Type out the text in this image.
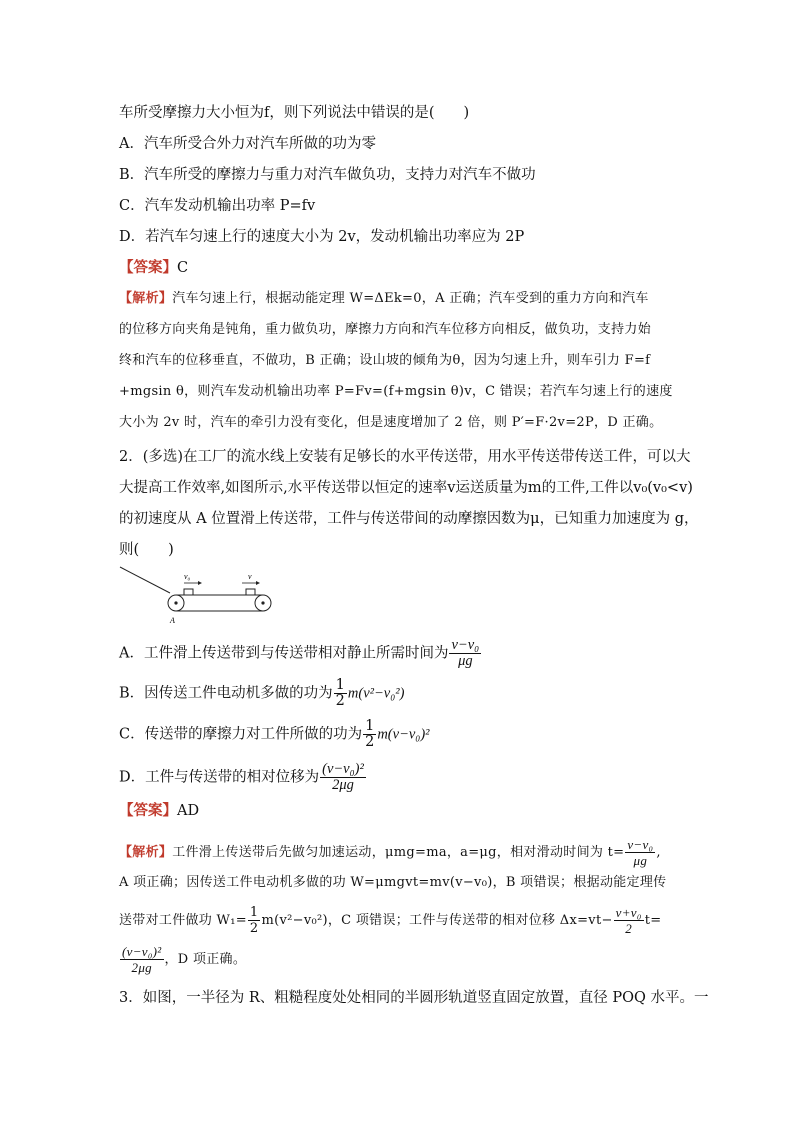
车所受摩擦力大小恒为f，则下列说法中错误的是(　　)
A．汽车所受合外力对汽车所做的功为零
B．汽车所受的摩擦力与重力对汽车做负功，支持力对汽车不做功
C．汽车发动机输出功率 P=fv
D．若汽车匀速上行的速度大小为 2v，发动机输出功率应为 2P
【答案】C
【解析】汽车匀速上行，根据动能定理 W=ΔEk=0，A 正确；汽车受到的重力方向和汽车
的位移方向夹角是钝角，重力做负功，摩擦力方向和汽车位移方向相反，做负功，支持力始
终和汽车的位移垂直，不做功，B 正确；设山坡的倾角为θ，因为匀速上升，则车引力 F=f
+mgsin θ，则汽车发动机输出功率 P=Fv=(f+mgsin θ)v，C 错误；若汽车匀速上行的速度
大小为 2v 时，汽车的牵引力没有变化，但是速度增加了 2 倍，则 P′=F·2v=2P，D 正确。
2．(多选)在工厂的流水线上安装有足够长的水平传送带，用水平传送带传送工件，可以大
大提高工作效率,如图所示,水平传送带以恒定的速率v运送质量为m的工件,工件以v₀(v₀<v)
的初速度从 A 位置滑上传送带，工件与传送带间的动摩擦因数为μ，已知重力加速度为 g，
则(　　)
v₀	v
A
A．工件滑上传送带到与传送带相对静止所需时间为 $\frac{\text{v−v₀}}{\mu g}$
B．因传送工件电动机多做的功为 $\frac{1}{2} m(v^2-v_0^2)$
C．传送带的摩擦力对工件所做的功为 $\frac{1}{2} m(v-v_0)^2$
D．工件与传送带的相对位移为 $\frac{\text{(v−v₀)²}}{2\mu g}$
【答案】AD
【解析】工件滑上传送带后先做匀加速运动，μmg=ma，a=μg，相对滑动时间为 $t= \frac{\text{v−v₀}}{\mu g}$ ,
A 项正确；因传送工件电动机多做的功 W=μmgvt=mv(v−v₀)，B 项错误；根据动能定理传
送带对工件做功 $W_1= \frac{1}{2} m(v^2-v_0^2)$，C 项错误；工件与传送带的相对位移 $\Delta x=vt- \frac{\text{v+v₀}}{2} t=$
$\frac{\text{(v−v₀)²}}{2\mu g}$ ，D 项正确。
3．如图，一半径为 R、粗糙程度处处相同的半圆形轨道竖直固定放置，直径 POQ 水平。一
